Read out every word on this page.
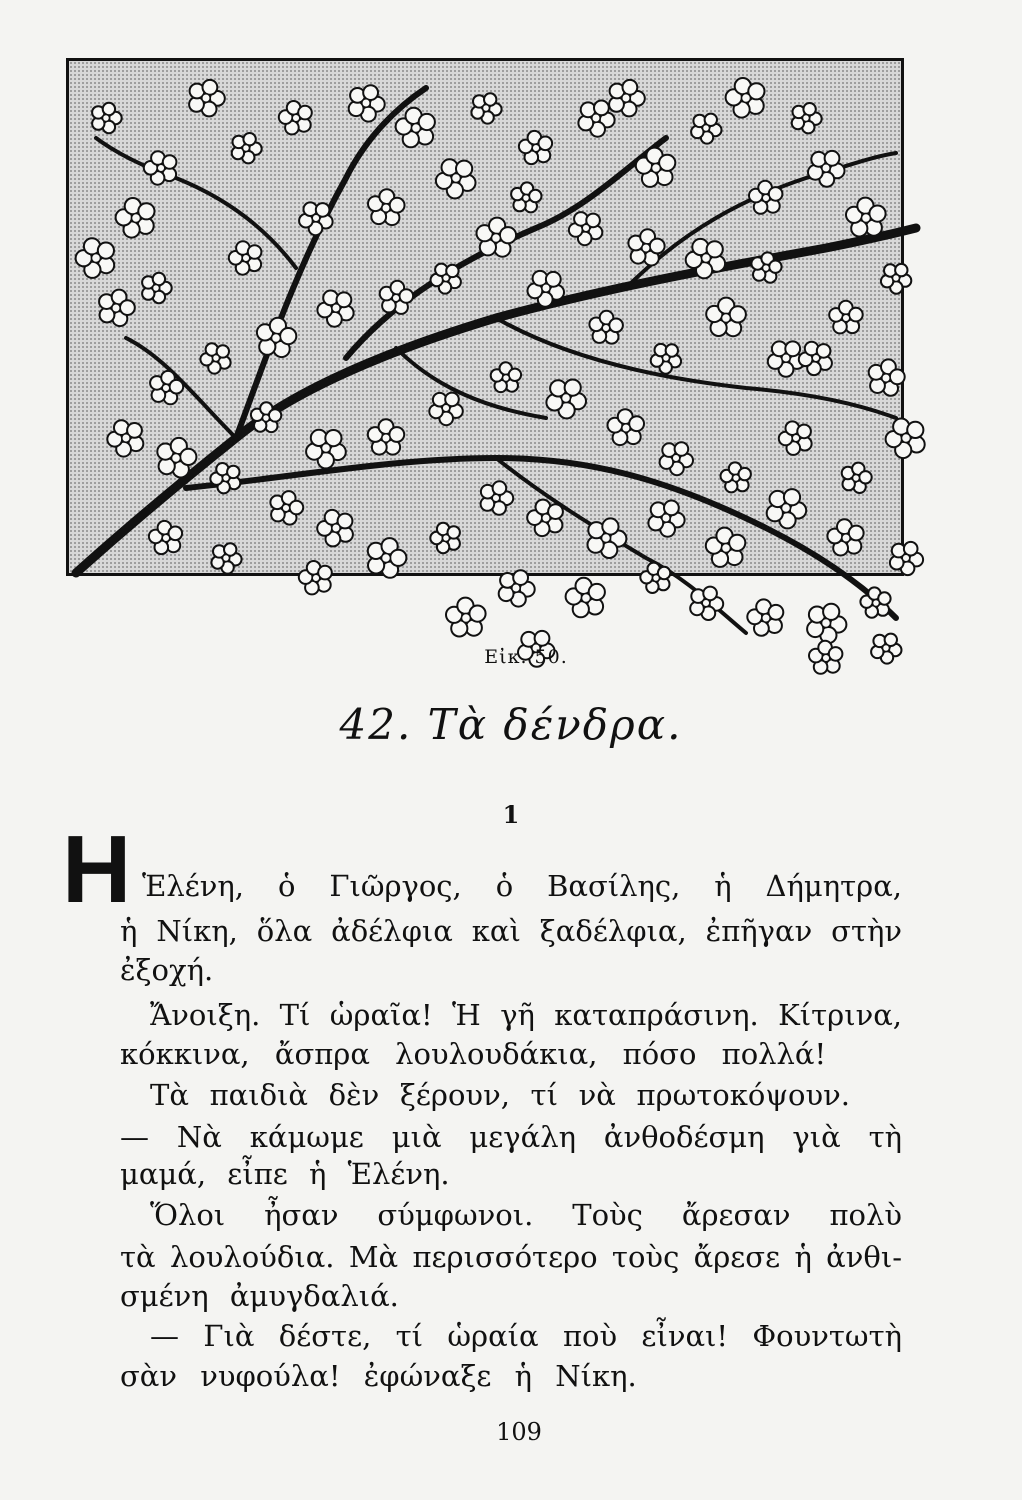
Εἰκ. 50.
42. Τὰ δένδρα.
1
Η Ἑλένη, ὁ Γιῶργος, ὁ Βασίλης, ἡ Δήμητρα,
ἡ Νίκη, ὅλα ἀδέλφια καὶ ξαδέλφια, ἐπῆγαν στὴν
ἐξοχή.
Ἄνοιξη. Τί ὡραῖα! Ἡ γῆ καταπράσινη. Κίτρινα,
κόκκινα, ἄσπρα λουλουδάκια, πόσο πολλά!
Τὰ παιδιὰ δὲν ξέρουν, τί νὰ πρωτοκόψουν.
— Νὰ κάμωμε μιὰ μεγάλη ἀνθοδέσμη γιὰ τὴ
μαμά, εἶπε ἡ Ἑλένη.
Ὅλοι ἦσαν σύμφωνοι. Τοὺς ἄρεσαν πολὺ
τὰ λουλούδια. Μὰ περισσότερο τοὺς ἄρεσε ἡ ἀνθι-
σμένη ἀμυγδαλιά.
— Γιὰ δέστε, τί ὡραία ποὺ εἶναι! Φουντωτὴ
σὰν νυφούλα! ἐφώναξε ἡ Νίκη.
109
